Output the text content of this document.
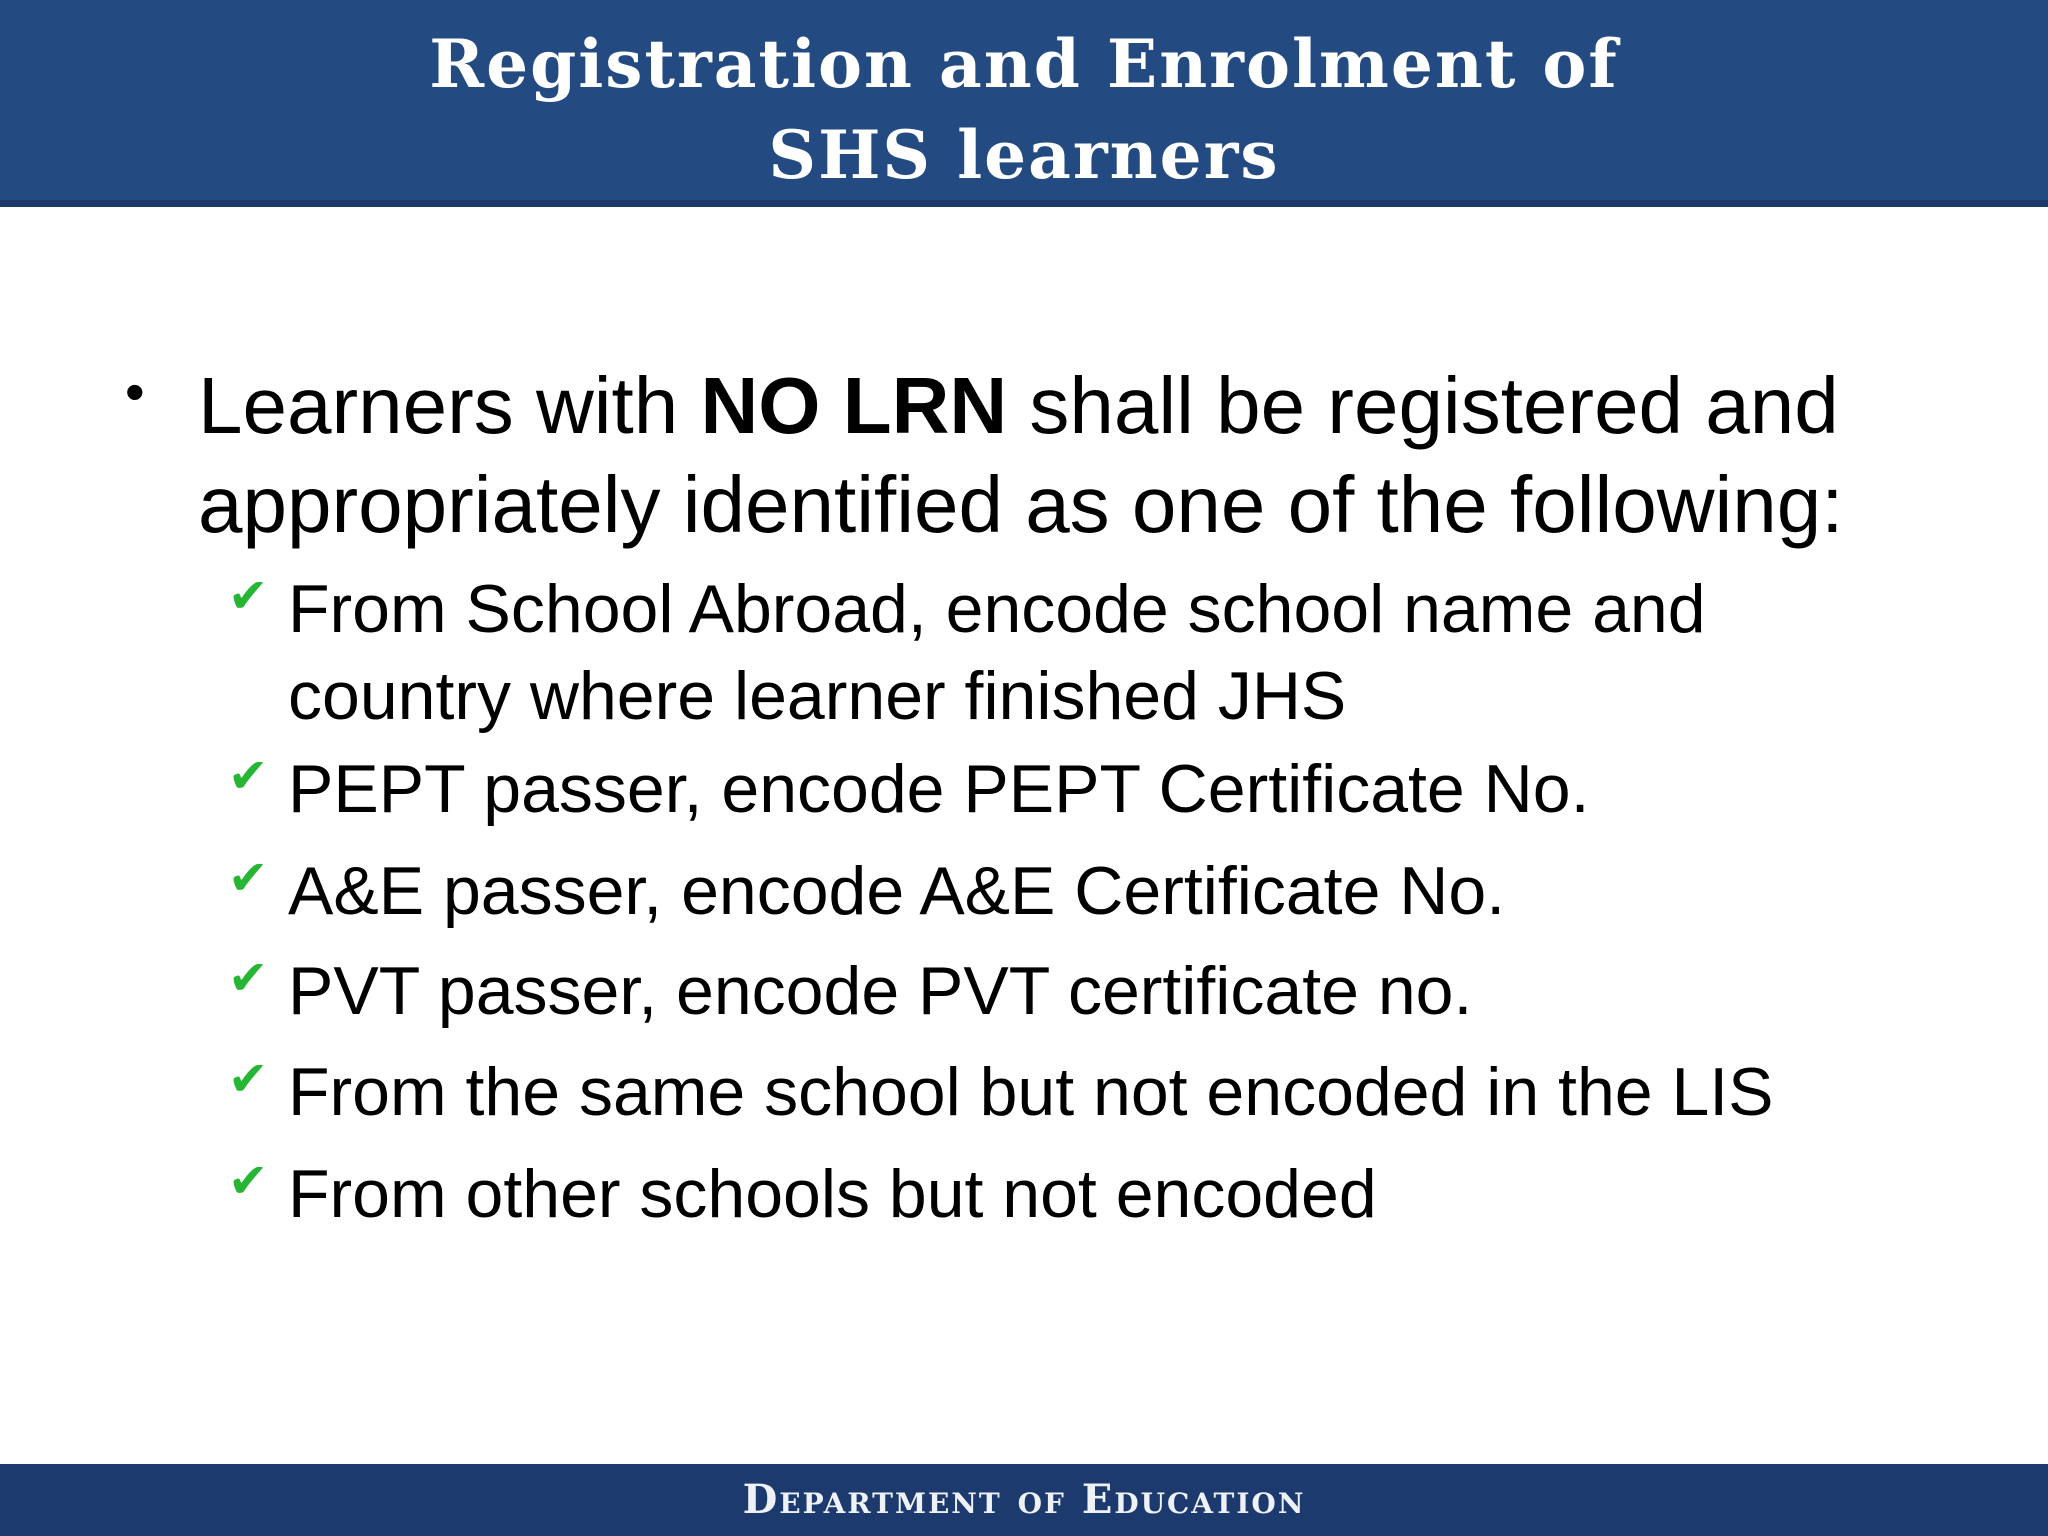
Registration and Enrolment of
SHS learners
• Learners with NO LRN shall be registered and
appropriately identified as one of the following:
✔ From School Abroad, encode school name and
country where learner finished JHS
✔ PEPT passer, encode PEPT Certificate No.
✔ A&E passer, encode A&E Certificate No.
✔ PVT passer, encode PVT certificate no.
✔ From the same school but not encoded in the LIS
✔ From other schools but not encoded
Department of Education
